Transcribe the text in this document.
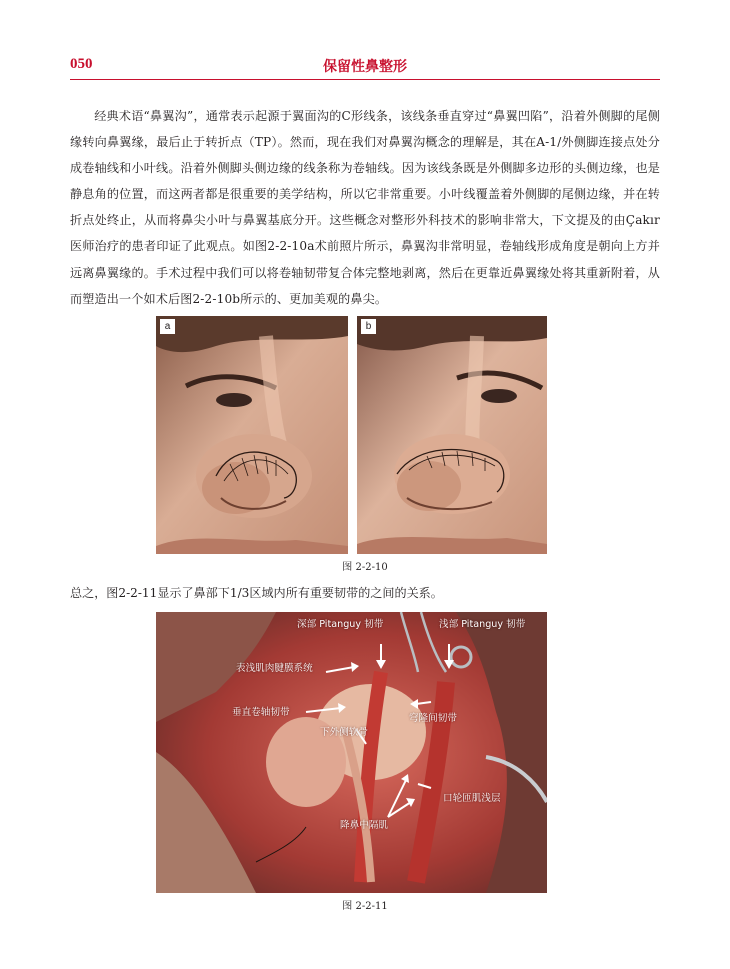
050	保留性鼻整形
经典术语“鼻翼沟”，通常表示起源于翼面沟的C形线条，该线条垂直穿过“鼻翼凹陷”，沿着外侧脚的尾侧缘转向鼻翼缘，最后止于转折点（TP）。然而，现在我们对鼻翼沟概念的理解是，其在A-1/外侧脚连接点处分成卷轴线和小叶线。沿着外侧脚头侧边缘的线条称为卷轴线。因为该线条既是外侧脚多边形的头侧边缘，也是静息角的位置，而这两者都是很重要的美学结构，所以它非常重要。小叶线覆盖着外侧脚的尾侧边缘，并在转折点处终止，从而将鼻尖小叶与鼻翼基底分开。这些概念对整形外科技术的影响非常大，下文提及的由Çakır医师治疗的患者印证了此观点。如图2-2-10a术前照片所示，鼻翼沟非常明显，卷轴线形成角度是朝向上方并远离鼻翼缘的。手术过程中我们可以将卷轴韧带复合体完整地剥离，然后在更靠近鼻翼缘处将其重新附着，从而塑造出一个如术后图2-2-10b所示的、更加美观的鼻尖。
a	b
图 2-2-10
总之，图2-2-11显示了鼻部下1/3区域内所有重要韧带的之间的关系。
深部 Pitanguy 韧带	浅部 Pitanguy 韧带
表浅肌肉腱膜系统
垂直卷轴韧带
下外侧软骨
穹隆间韧带
口轮匝肌浅层
降鼻中隔肌
图 2-2-11
